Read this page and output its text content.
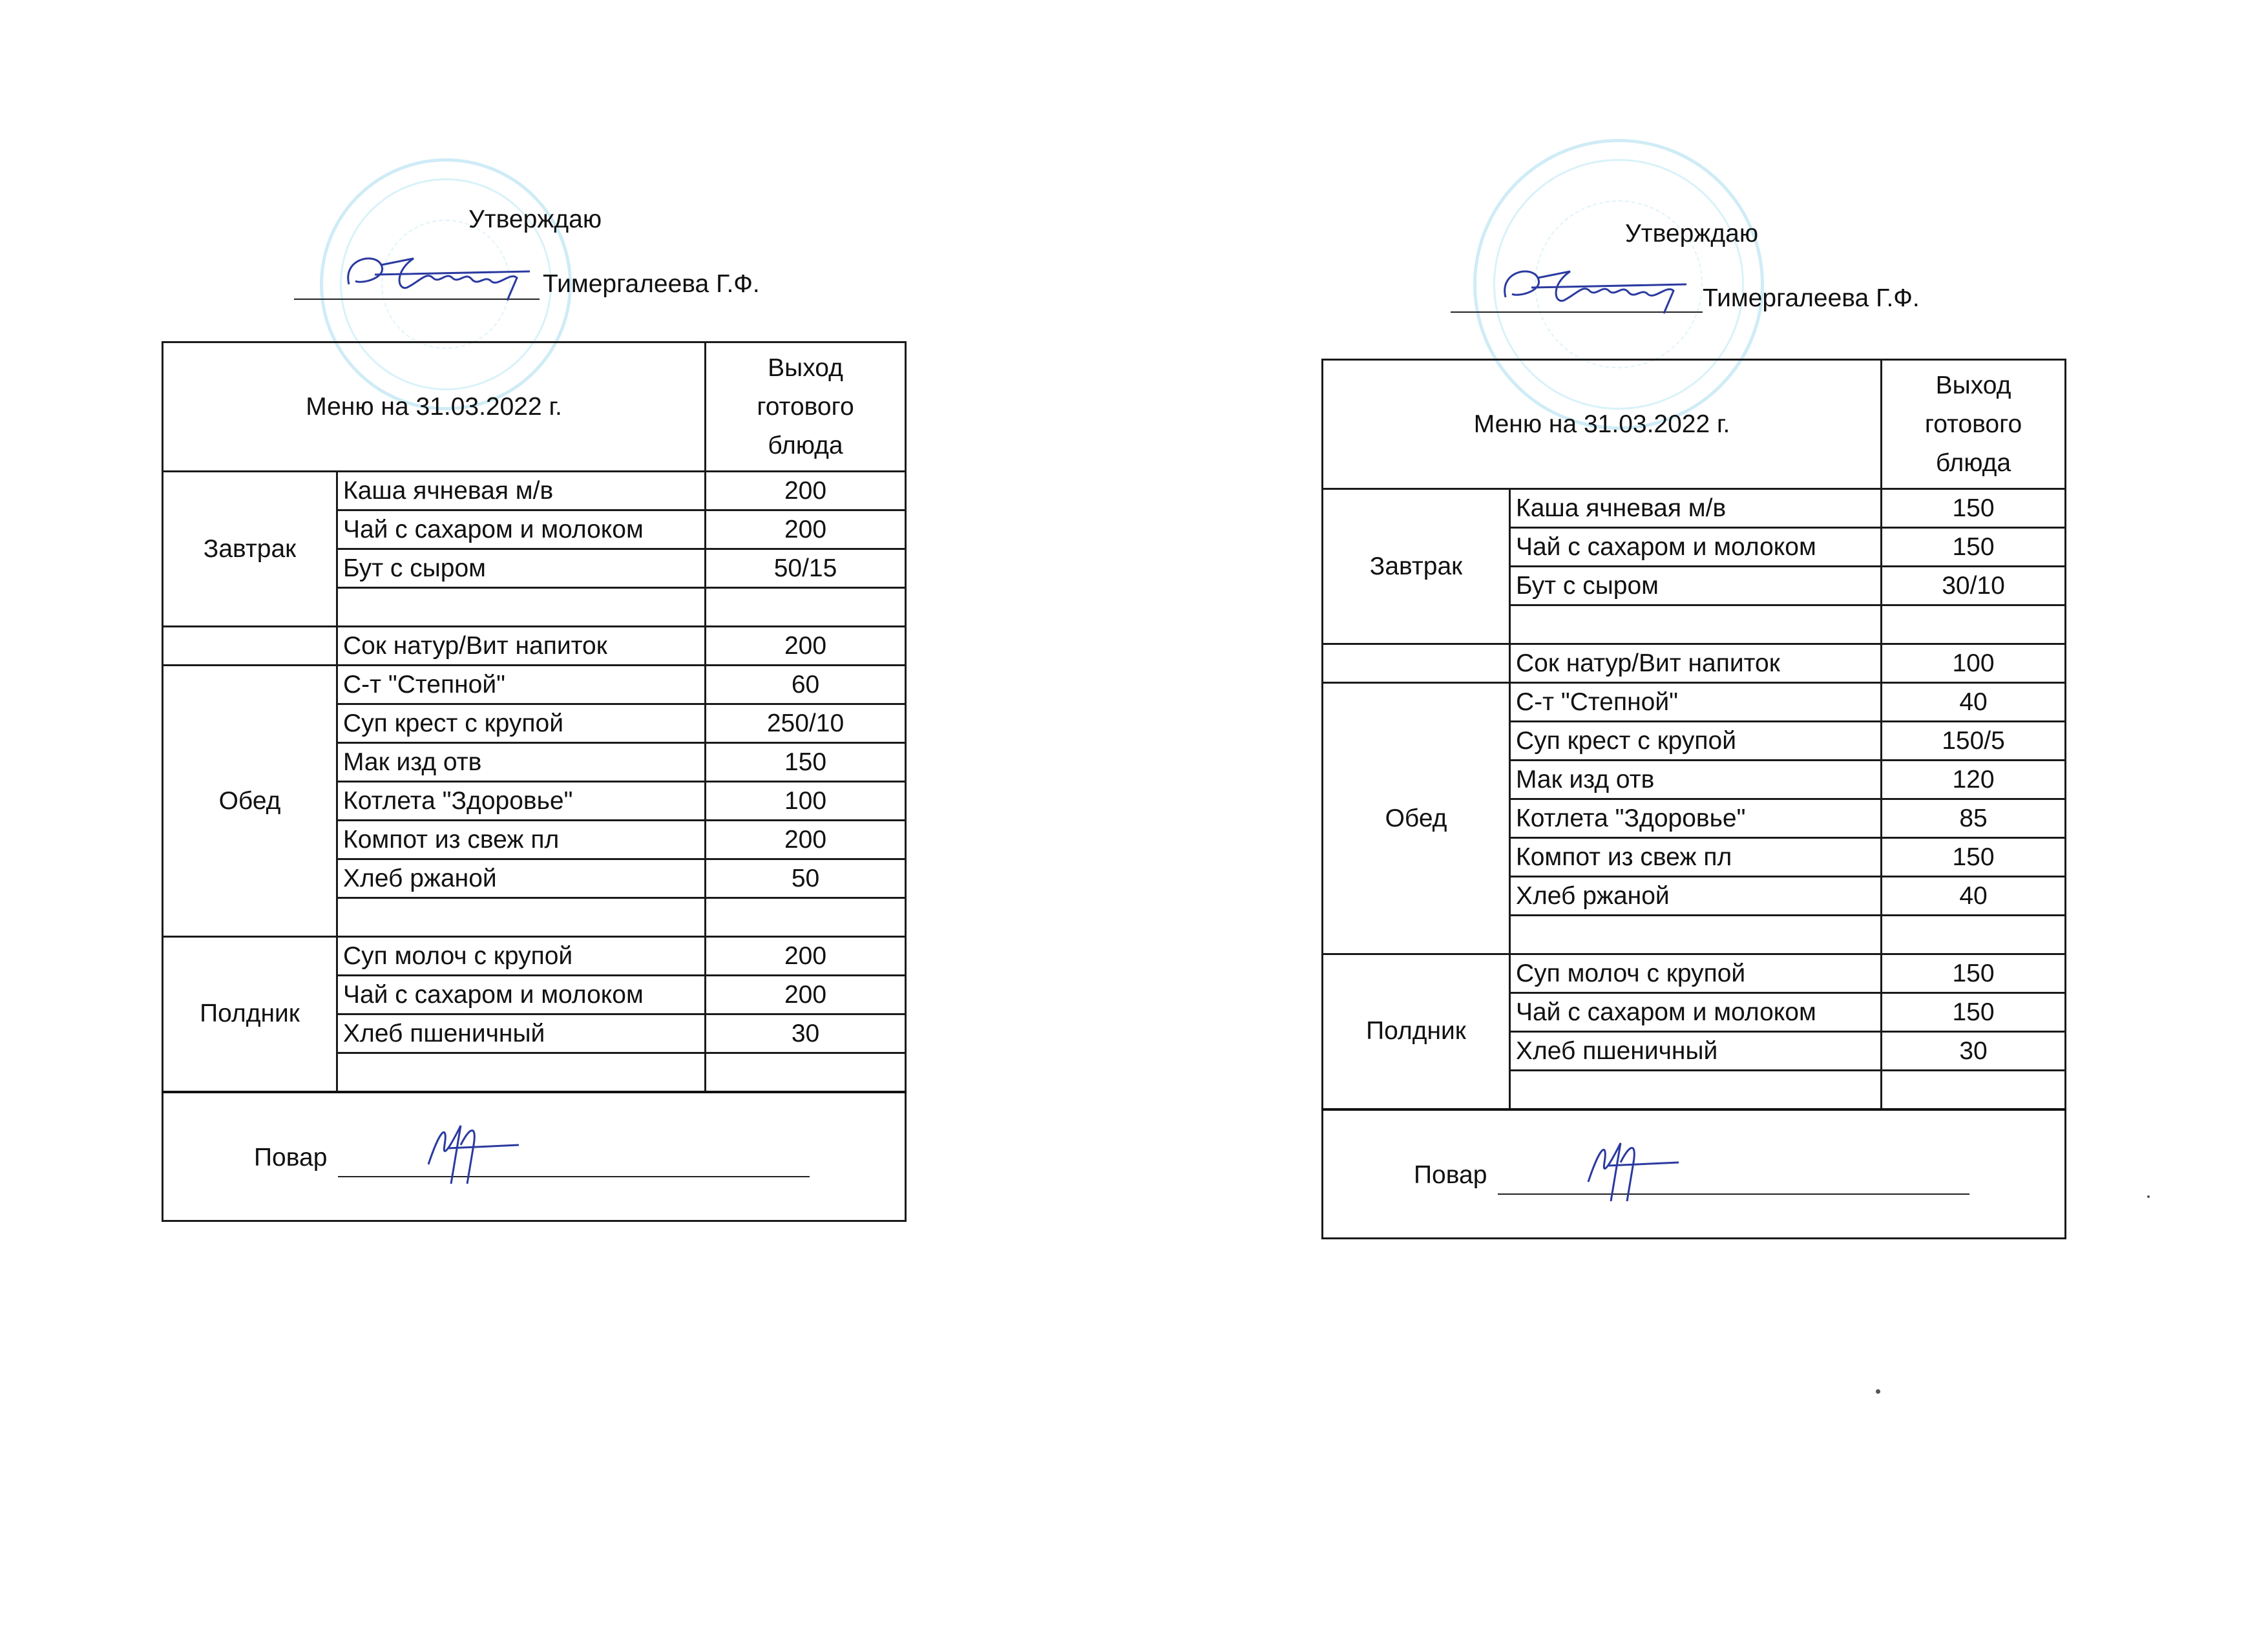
Утверждаю
Тимергалеева Г.Ф.
Меню на 31.03.2022 г.		Выход
готового
блюда

Завтрак	Каша ячневая м/в	200
	Чай с сахаром и молоком	200
	Бут с сыром	50/15

	Сок натур/Вит напиток	200
Обед	С-т "Степной"	60
	Суп крест с крупой	250/10
	Мак изд отв	150
	Котлета "Здоровье"	100
	Компот из свеж пл	200
	Хлеб ржаной	50

Полдник	Суп молоч с крупой	200
	Чай с сахаром и молоком	200
	Хлеб пшеничный	30

Повар		
Утверждаю
Тимергалеева Г.Ф.
Меню на 31.03.2022 г.		Выход
готового
блюда

Завтрак	Каша ячневая м/в	150
	Чай с сахаром и молоком	150
	Бут с сыром	30/10

	Сок натур/Вит напиток	100
Обед	С-т "Степной"	40
	Суп крест с крупой	150/5
	Мак изд отв	120
	Котлета "Здоровье"	85
	Компот из свеж пл	150
	Хлеб ржаной	40

Полдник	Суп молоч с крупой	150
	Чай с сахаром и молоком	150
	Хлеб пшеничный	30

Повар		
